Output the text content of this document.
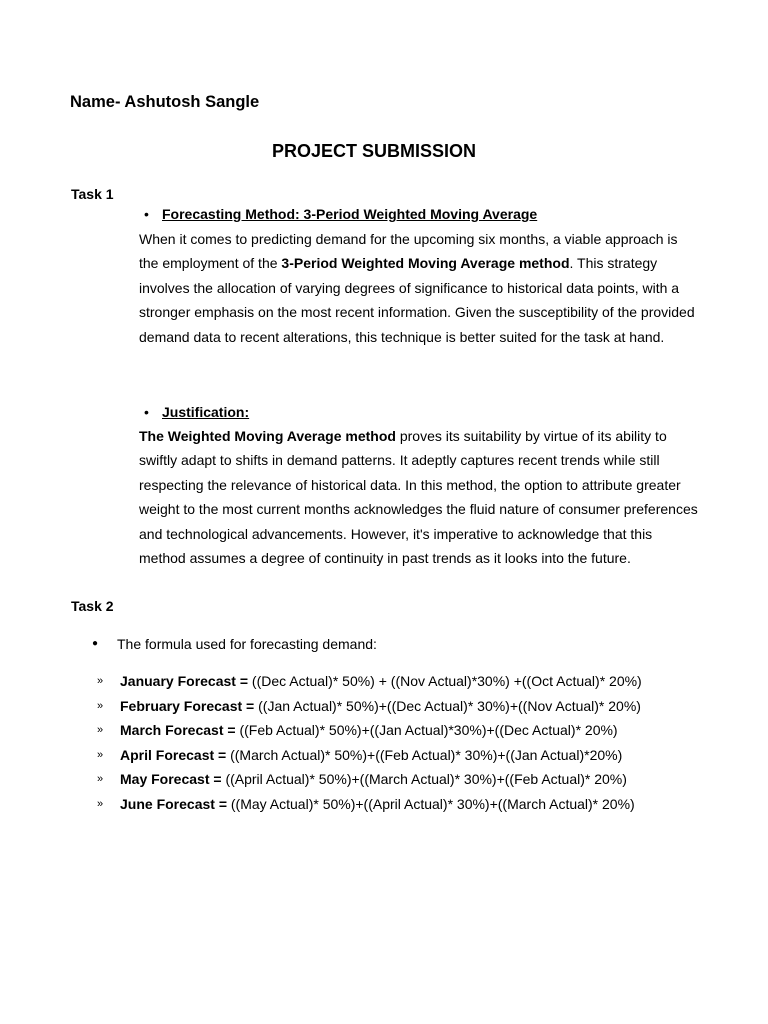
Name- Ashutosh Sangle
PROJECT SUBMISSION
Task 1
• Forecasting Method: 3-Period Weighted Moving Average

When it comes to predicting demand for the upcoming six months, a viable approach is the employment of the 3-Period Weighted Moving Average method. This strategy involves the allocation of varying degrees of significance to historical data points, with a stronger emphasis on the most recent information. Given the susceptibility of the provided demand data to recent alterations, this technique is better suited for the task at hand.

• Justification:

The Weighted Moving Average method proves its suitability by virtue of its ability to swiftly adapt to shifts in demand patterns. It adeptly captures recent trends while still respecting the relevance of historical data. In this method, the option to attribute greater weight to the most current months acknowledges the fluid nature of consumer preferences and technological advancements. However, it's imperative to acknowledge that this method assumes a degree of continuity in past trends as it looks into the future.

Task 2
● The formula used for forecasting demand:
» January Forecast = ((Dec Actual)* 50%) + ((Nov Actual)*30%) +((Oct Actual)* 20%)
» February Forecast = ((Jan Actual)* 50%)+((Dec Actual)* 30%)+((Nov Actual)* 20%)
» March Forecast = ((Feb Actual)* 50%)+((Jan Actual)*30%)+((Dec Actual)* 20%)
» April Forecast = ((March Actual)* 50%)+((Feb Actual)* 30%)+((Jan Actual)*20%)
» May Forecast = ((April Actual)* 50%)+((March Actual)* 30%)+((Feb Actual)* 20%)
» June Forecast = ((May Actual)* 50%)+((April Actual)* 30%)+((March Actual)* 20%)
